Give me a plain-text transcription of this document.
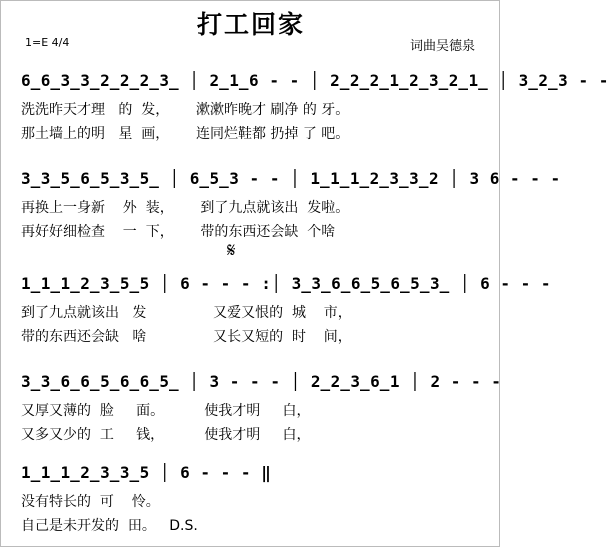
打工回家
1=E 4/4	词曲吴德泉
6̲6̲3̲3̲2̲2̲2̲3̲ │ 2̲1̲6 - - │ 2̲2̲2̲1̲2̲3̲2̲1̲ │ 3̲2̲3 - -
洗洗昨天才理   的  发，      漱漱昨晚才 刷净 的 牙。
那土墙上的明   星  画，      连同烂鞋都 扔掉 了 吧。
3̲3̲5̲6̲5̲3̲5̲ │ 6̲5̲3 - - │ 1̲1̲1̲2̲3̲3̲2 │ 3 6 - - -
再换上一身新    外  装，      到了九点就该出  发啦。
再好好细检查    一  下，      带的东西还会缺  个啥
𝄋
1̲1̲1̲2̲3̲5̲5 │ 6 - - - :│ 3̲3̲6̲6̲5̲6̲5̲3̲ │ 6 - - -
到了九点就该出   发               又爱又恨的  城    市，
带的东西还会缺   啥               又长又短的  时    间，
3̲3̲6̲6̲5̲6̲6̲5̲ │ 3 - - - │ 2̲2̲3̲6̲1 │ 2 - - -
又厚又薄的  脸     面。         使我才明     白，
又多又少的  工     钱，         使我才明     白，
1̲1̲1̲2̲3̲3̲5 │ 6 - - - ‖
没有特长的  可    怜。
自己是未开发的  田。   D.S.
